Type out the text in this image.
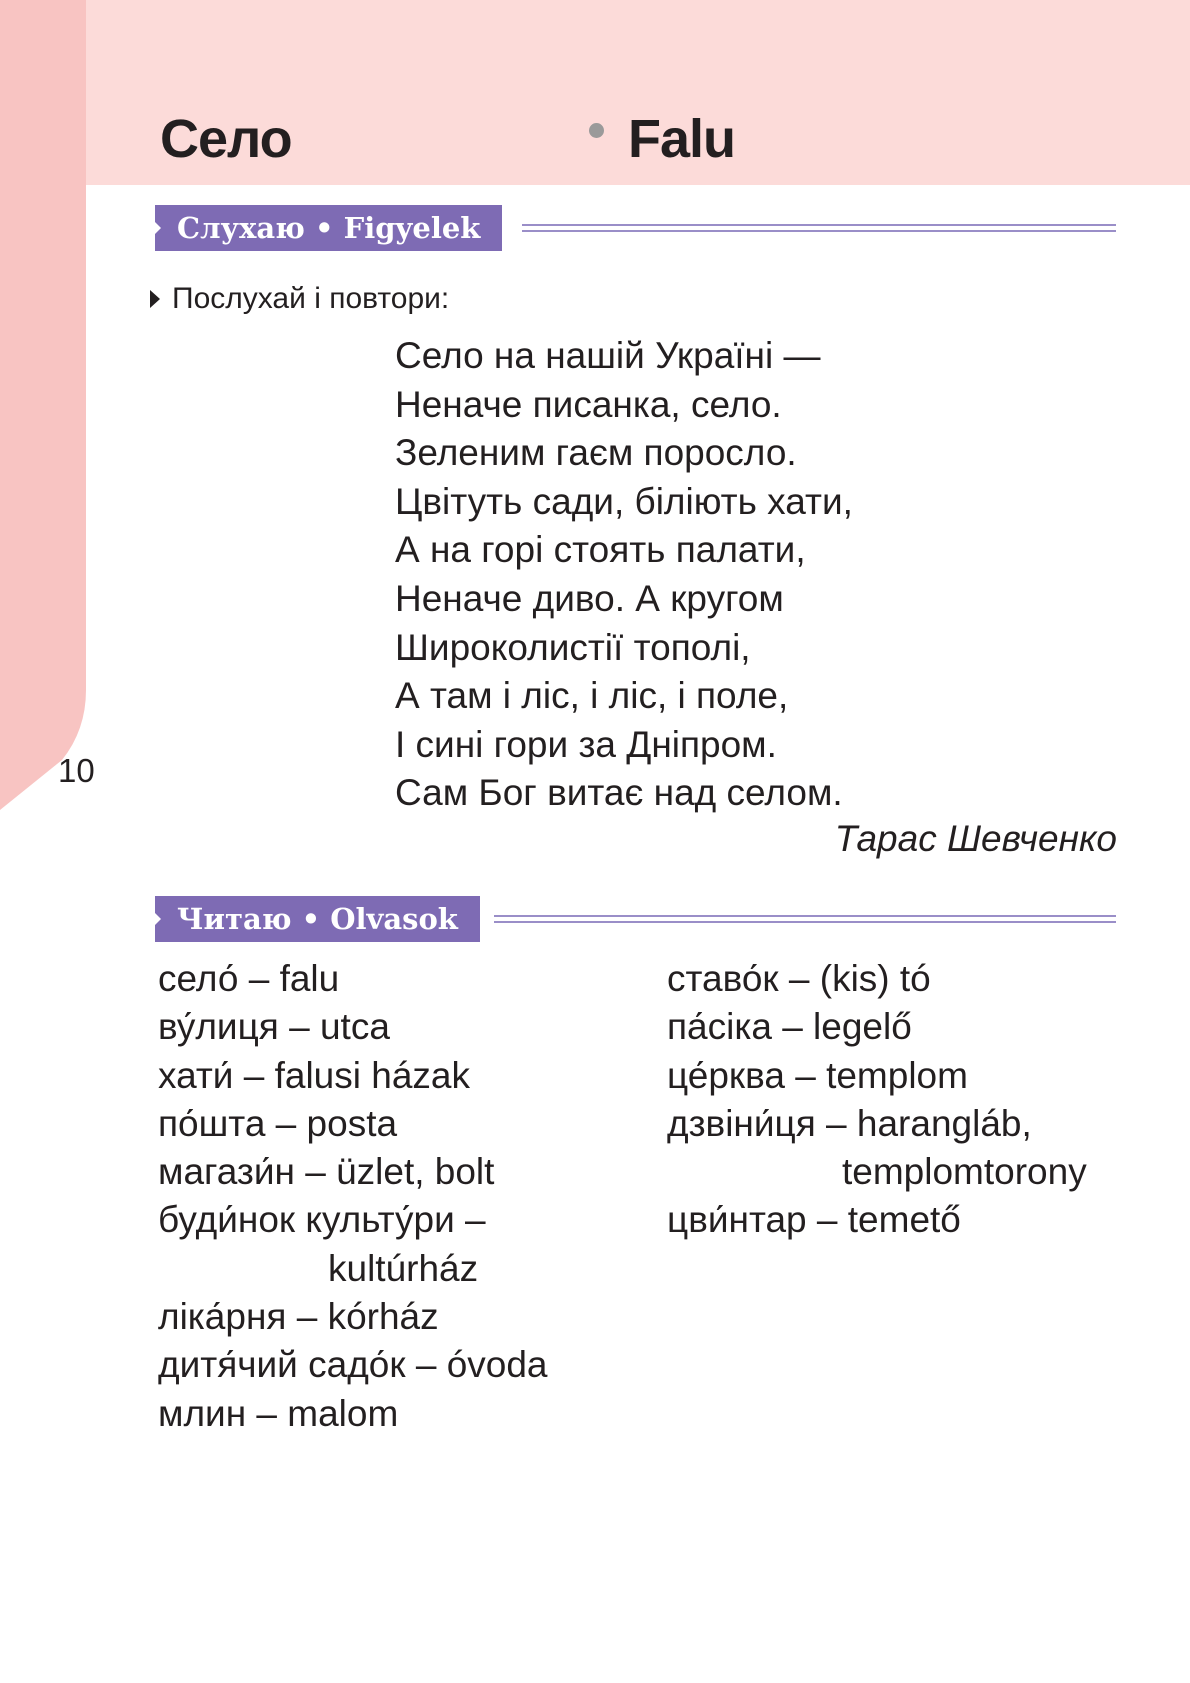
Село	Falu
Слухаю • Figyelek
Послухай і повтори:
Село на нашій Україні —
Неначе писанка, село.
Зеленим гаєм поросло.
Цвітуть сади, біліють хати,
А на горі стоять палати,
Неначе диво. А кругом
Широколистії тополі,
А там і ліс, і ліс, і поле,
І сині гори за Дніпром.
Сам Бог витає над селом.
Тарас Шевченко
10
Читаю • Olvasok
село́ – falu
ву́лиця – utca
хати́ – falusi házak
по́шта – posta
магази́н – üzlet, bolt
буди́нок культу́ри –
kultúrház
ліка́рня – kórház
дитя́чий садо́к – óvoda
млин – malom
ставо́к – (kis) tó
па́сіка – legelő
це́рква – templom
дзвіни́ця – harangláb,
templomtorony
цви́нтар – temető
